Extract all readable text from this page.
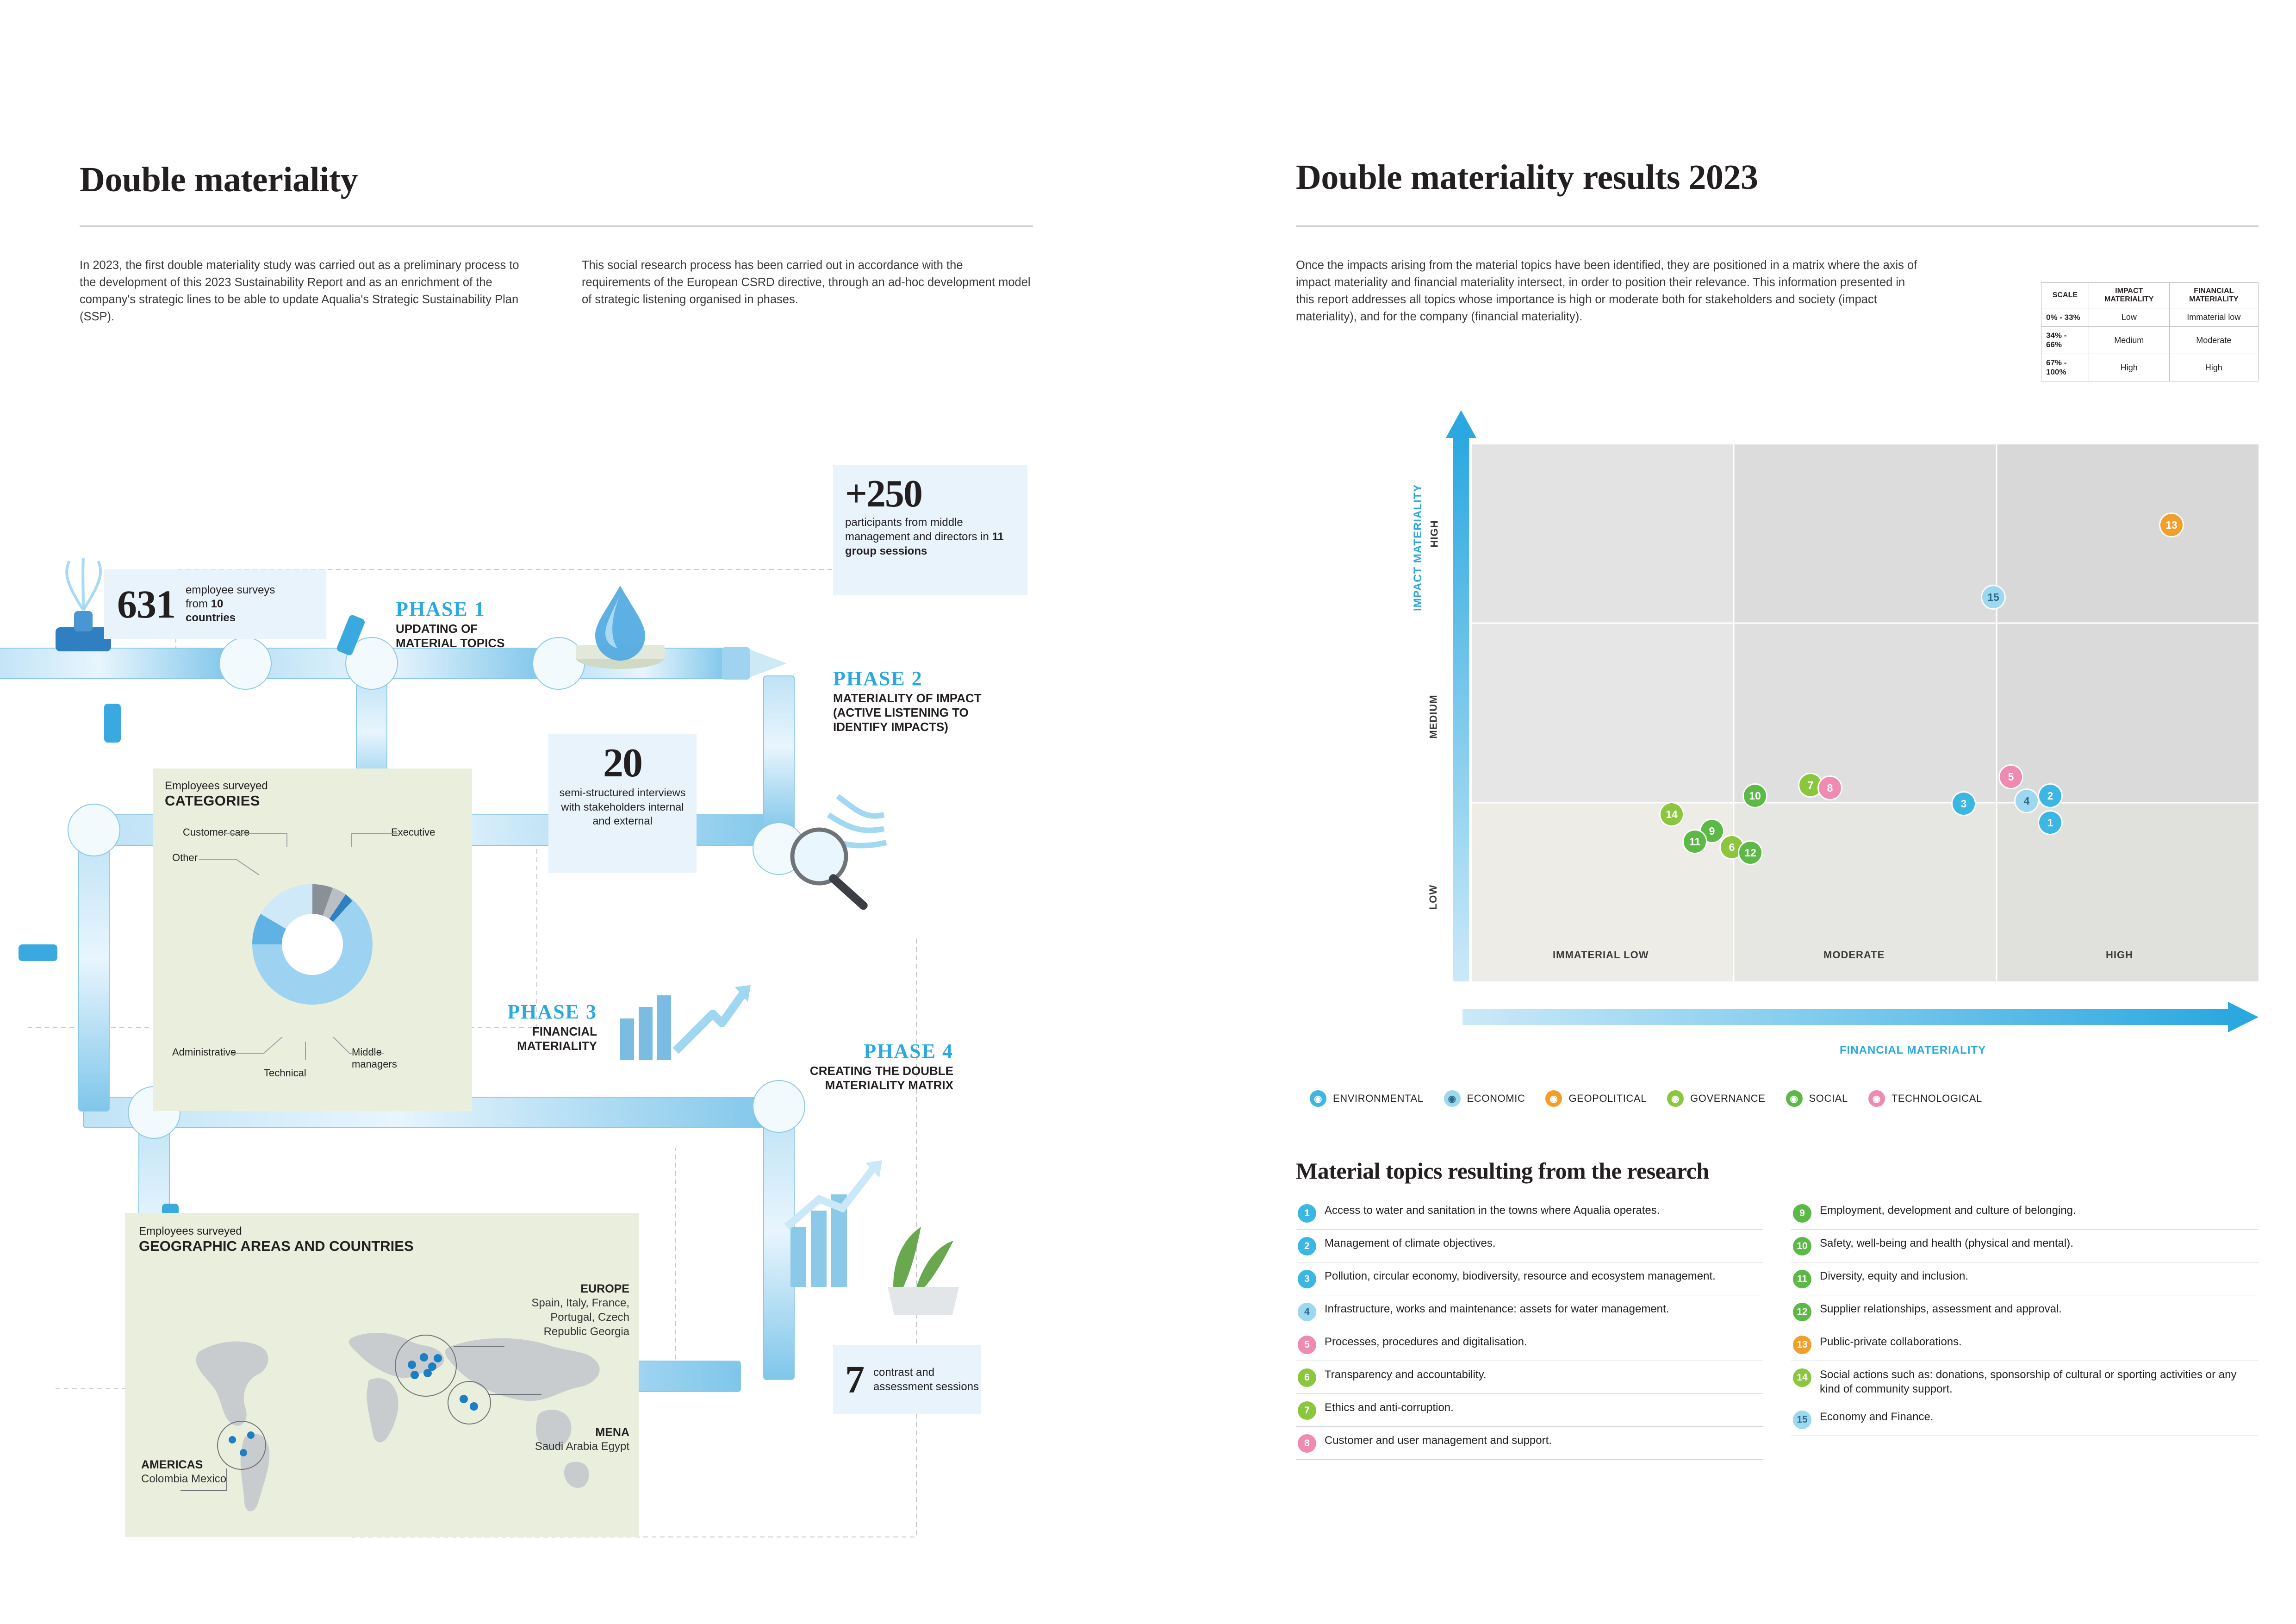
Double materiality
In 2023, the first double materiality study was carried out as a preliminary process to the development of this 2023 Sustainability Report and as an enrichment of the company's strategic lines to be able to update Aqualia's Strategic Sustainability Plan (SSP).
This social research process has been carried out in accordance with the requirements of the European CSRD directive, through an ad-hoc development model of strategic listening organised in phases.
631 employee surveys
from 10
countries
+250
participants from middle management and directors in 11 group sessions
20
semi-structured interviews with stakeholders internal and external
7 contrast and assessment sessions
PHASE 1
UPDATING OF MATERIAL TOPICS
PHASE 2
MATERIALITY OF IMPACT (ACTIVE LISTENING TO IDENTIFY IMPACTS)
PHASE 3
FINANCIAL MATERIALITY	PHASE 4
CREATING THE DOUBLE MATERIALITY MATRIX
Employees surveyed
CATEGORIES
Executive
Customer care
Other
Administrative
Technical
Middle managers
Employees surveyed
GEOGRAPHIC AREAS AND COUNTRIES
EUROPE
Spain, Italy, France, Portugal, Czech Republic Georgia
MENA
Saudi Arabia Egypt
AMERICAS
Colombia Mexico
Double materiality results 2023
Once the impacts arising from the material topics have been identified, they are positioned in a matrix where the axis of impact materiality and financial materiality intersect, in order to position their relevance. This information presented in this report addresses all topics whose importance is high or moderate both for stakeholders and society (impact materiality), and for the company (financial materiality).
SCALE	IMPACT MATERIALITY	FINANCIAL MATERIALITY
0% - 33%	Low	Immaterial low
34% - 66%	Medium	Moderate
67% - 100%	High	High
1
2
3	4
5
6
7	8
9
10
11
12
13
14
15
HIGH
MEDIUM
LOW
IMMATERIAL LOW	MODERATE	HIGH
IMPACT MATERIALITY
FINANCIAL MATERIALITY
◉	ENVIRONMENTAL	◉	ECONOMIC	◉	GEOPOLITICAL	◉	GOVERNANCE	◉	SOCIAL	◉	TECHNOLOGICAL
Material topics resulting from the research
1	Access to water and sanitation in the towns where Aqualia operates.
2	Management of climate objectives.
3	Pollution, circular economy, biodiversity, resource and ecosystem management.
4	Infrastructure, works and maintenance: assets for water management.
5	Processes, procedures and digitalisation.
6	Transparency and accountability.
7	Ethics and anti-corruption.
8	Customer and user management and support.
9	Employment, development and culture of belonging.
10	Safety, well-being and health (physical and mental).
11	Diversity, equity and inclusion.
12	Supplier relationships, assessment and approval.
13	Public-private collaborations.
14	Social actions such as: donations, sponsorship of cultural or sporting activities or any kind of community support.
15	Economy and Finance.
